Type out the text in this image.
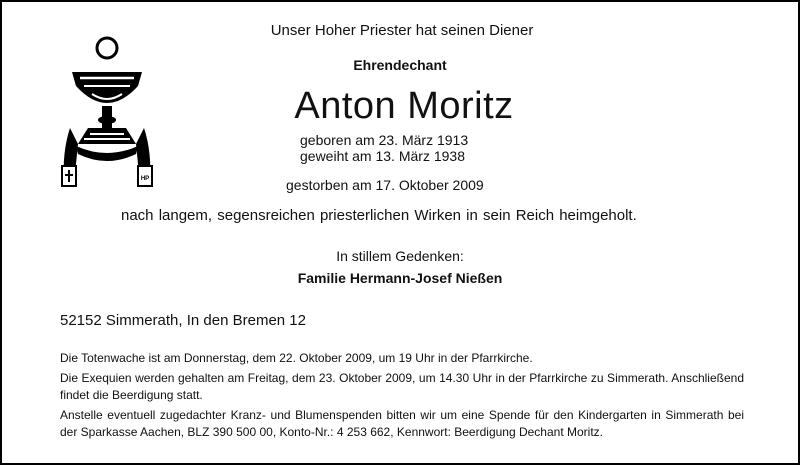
HP
Unser Hoher Priester hat seinen Diener
Ehrendechant
Anton Moritz
geboren am 23. März 1913
geweiht am 13. März 1938
gestorben am 17. Oktober 2009
nach langem, segensreichen priesterlichen Wirken in sein Reich heimgeholt.
In stillem Gedenken:
Familie Hermann-Josef Nießen
52152 Simmerath, In den Bremen 12

Die Totenwache ist am Donnerstag, dem 22. Oktober 2009, um 19 Uhr in der Pfarrkirche.

Die Exequien werden gehalten am Freitag, dem 23. Oktober 2009, um 14.30 Uhr in der Pfarrkirche zu Simmerath. Anschließend findet die Beerdigung statt.

Anstelle eventuell zugedachter Kranz- und Blumenspenden bitten wir um eine Spende für den Kindergarten in Simmerath bei der Sparkasse Aachen, BLZ 390 500 00, Konto-Nr.: 4 253 662, Kennwort: Beerdigung Dechant Moritz.
